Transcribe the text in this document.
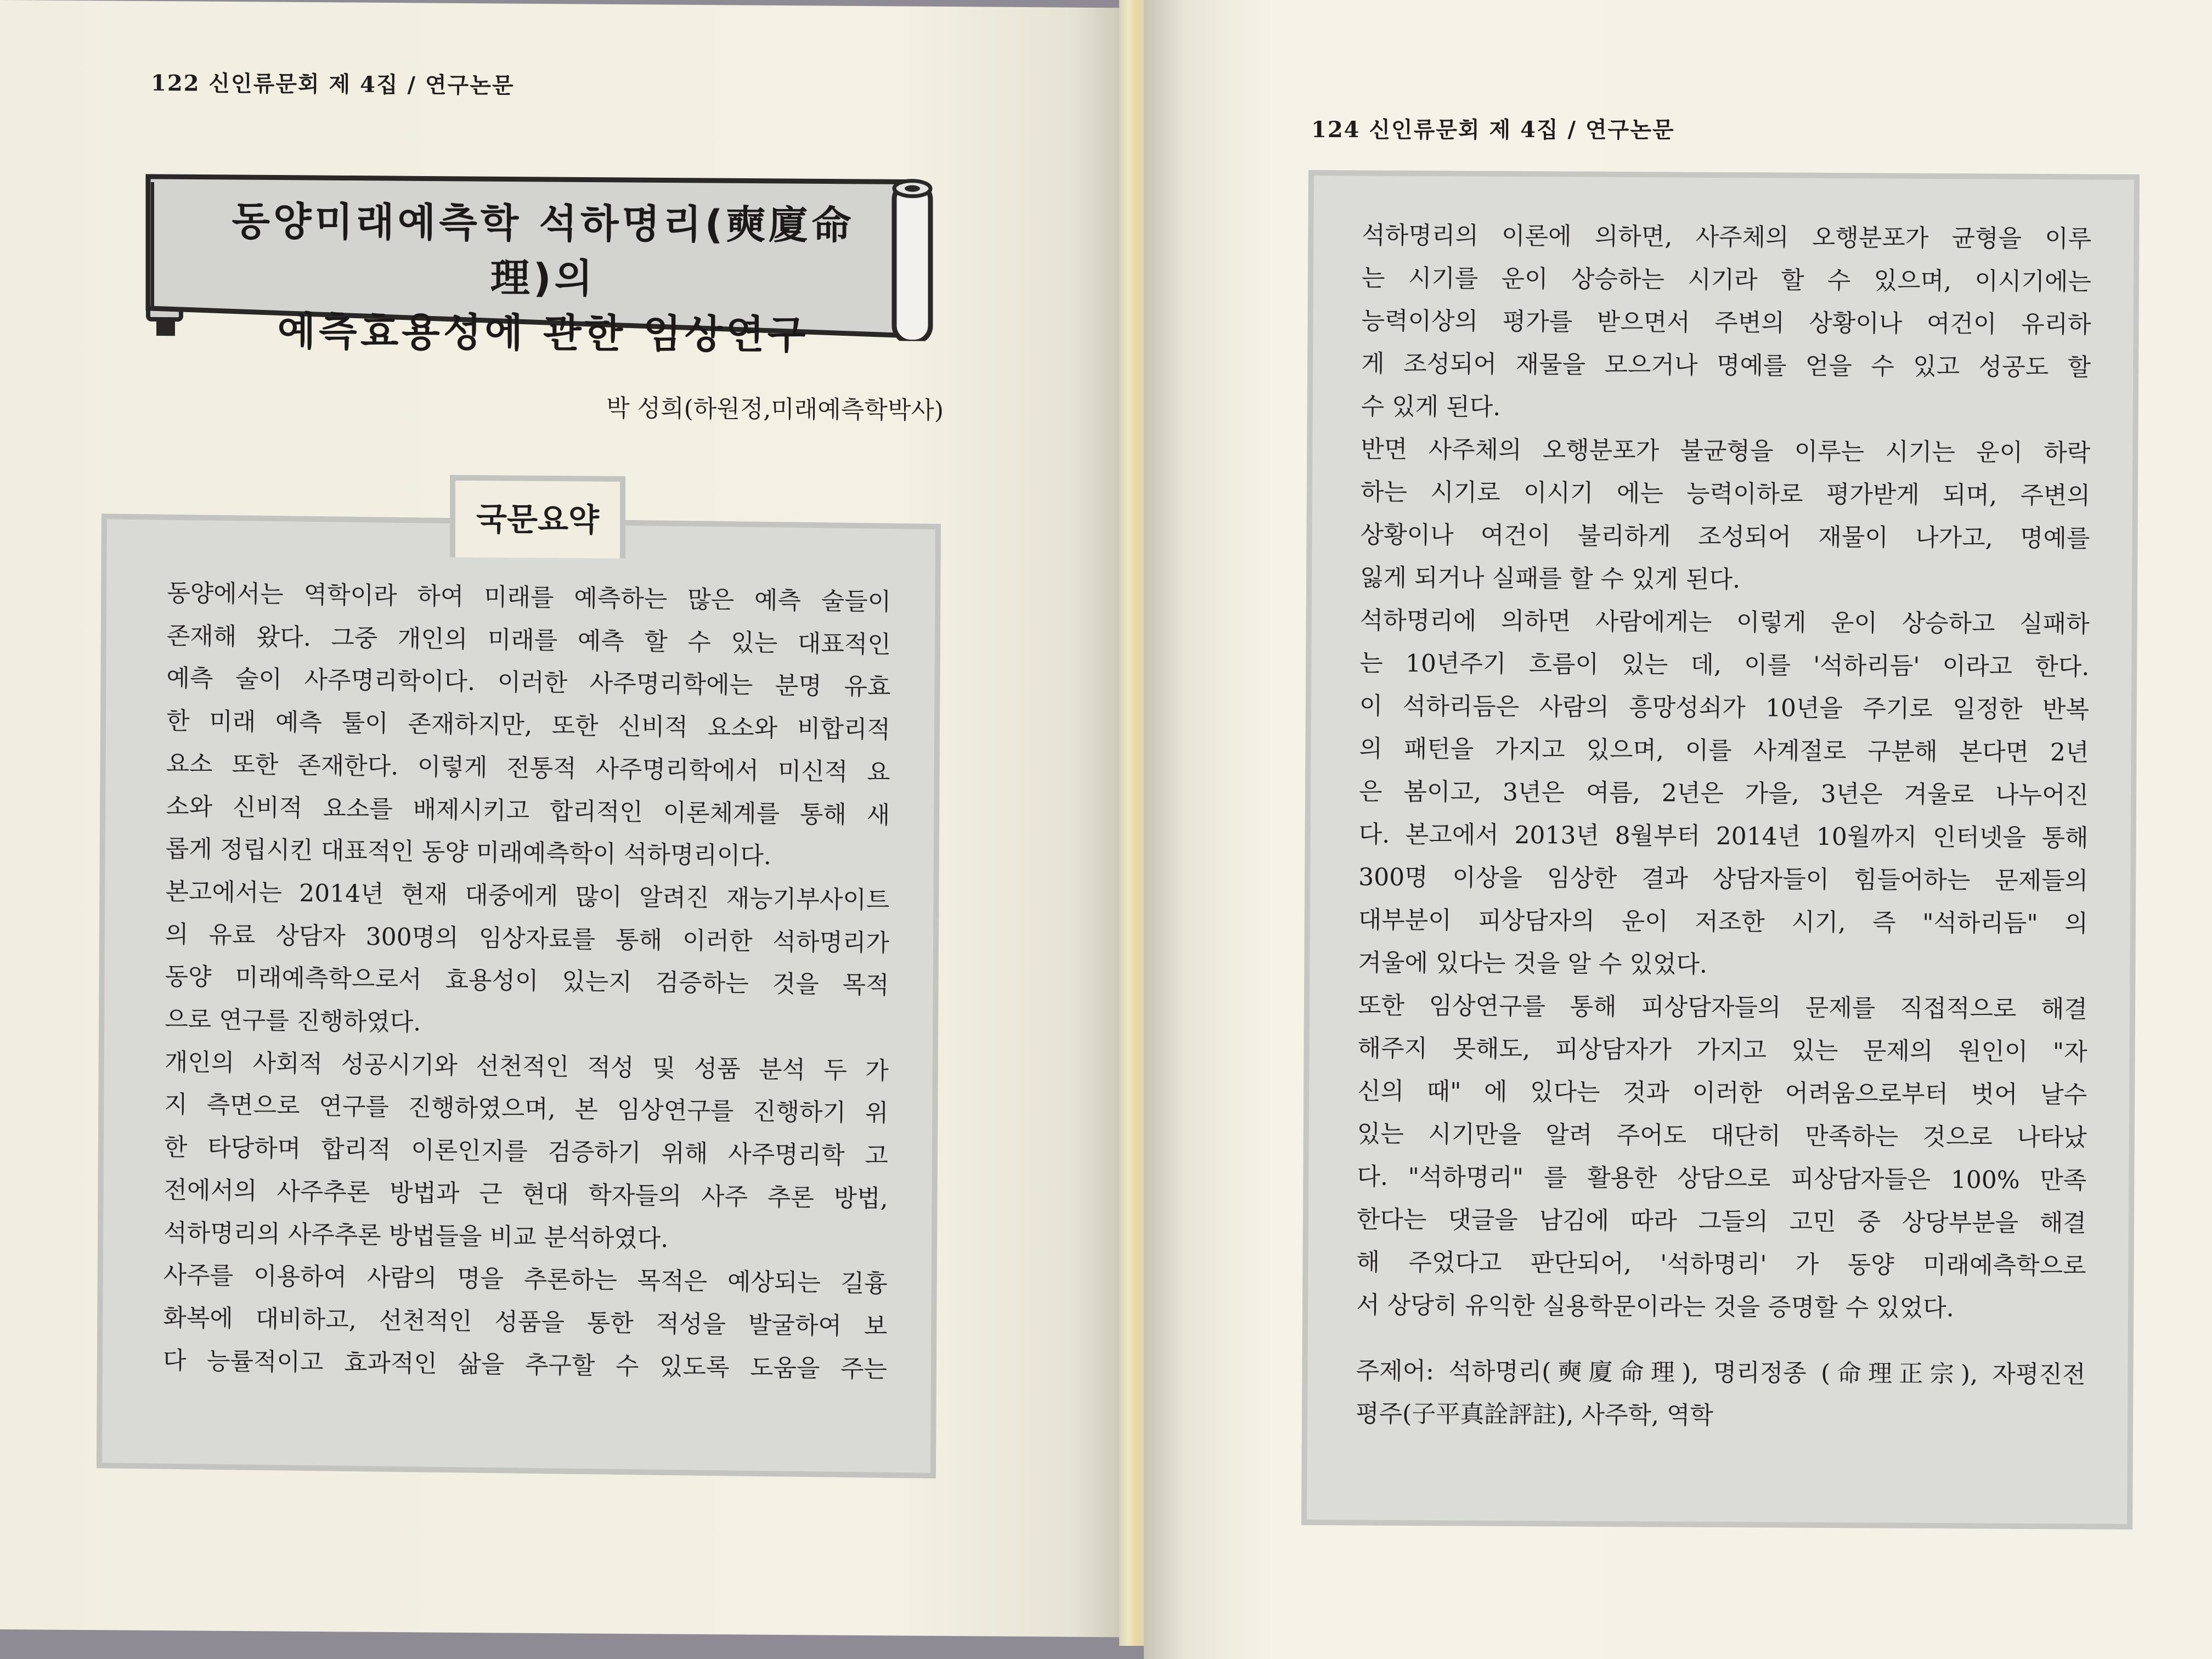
122 신인류문회 제 4집 / 연구논문
동양미래예측학 석하명리(奭廈命理)의
예측효용성에 관한 임상연구
박 성희(하원정,미래예측학박사)
동양에서는 역학이라 하여 미래를 예측하는 많은 예측 술들이
존재해 왔다. 그중 개인의 미래를 예측 할 수 있는 대표적인
예측 술이 사주명리학이다. 이러한 사주명리학에는 분명 유효
한 미래 예측 툴이 존재하지만, 또한 신비적 요소와 비합리적
요소 또한 존재한다. 이렇게 전통적 사주명리학에서 미신적 요
소와 신비적 요소를 배제시키고 합리적인 이론체계를 통해 새
롭게 정립시킨 대표적인 동양 미래예측학이 석하명리이다.
본고에서는 2014년 현재 대중에게 많이 알려진 재능기부사이트
의 유료 상담자 300명의 임상자료를 통해 이러한 석하명리가
동양 미래예측학으로서 효용성이 있는지 검증하는 것을 목적
으로 연구를 진행하였다.
개인의 사회적 성공시기와 선천적인 적성 및 성품 분석 두 가
지 측면으로 연구를 진행하였으며, 본 임상연구를 진행하기 위
한 타당하며 합리적 이론인지를 검증하기 위해 사주명리학 고
전에서의 사주추론 방법과 근 현대 학자들의 사주 추론 방법,
석하명리의 사주추론 방법들을 비교 분석하였다.
사주를 이용하여 사람의 명을 추론하는 목적은 예상되는 길흉
화복에 대비하고, 선천적인 성품을 통한 적성을 발굴하여 보
다 능률적이고 효과적인 삶을 추구할 수 있도록 도움을 주는
국문요약
124 신인류문회 제 4집 / 연구논문
석하명리의 이론에 의하면, 사주체의 오행분포가 균형을 이루
는 시기를 운이 상승하는 시기라 할 수 있으며, 이시기에는
능력이상의 평가를 받으면서 주변의 상황이나 여건이 유리하
게 조성되어 재물을 모으거나 명예를 얻을 수 있고 성공도 할
수 있게 된다.
반면 사주체의 오행분포가 불균형을 이루는 시기는 운이 하락
하는 시기로 이시기 에는 능력이하로 평가받게 되며, 주변의
상황이나 여건이 불리하게 조성되어 재물이 나가고, 명예를
잃게 되거나 실패를 할 수 있게 된다.
석하명리에 의하면 사람에게는 이렇게 운이 상승하고 실패하
는 10년주기 흐름이 있는 데, 이를 '석하리듬' 이라고 한다.
이 석하리듬은 사람의 흥망성쇠가 10년을 주기로 일정한 반복
의 패턴을 가지고 있으며, 이를 사계절로 구분해 본다면 2년
은 봄이고, 3년은 여름, 2년은 가을, 3년은 겨울로 나누어진
다. 본고에서 2013년 8월부터 2014년 10월까지 인터넷을 통해
300명 이상을 임상한 결과 상담자들이 힘들어하는 문제들의
대부분이 피상담자의 운이 저조한 시기, 즉 "석하리듬" 의
겨울에 있다는 것을 알 수 있었다.
또한 임상연구를 통해 피상담자들의 문제를 직접적으로 해결
해주지 못해도, 피상담자가 가지고 있는 문제의 원인이 "자
신의 때" 에 있다는 것과 이러한 어려움으로부터 벗어 날수
있는 시기만을 알려 주어도 대단히 만족하는 것으로 나타났
다. "석하명리" 를 활용한 상담으로 피상담자들은 100% 만족
한다는 댓글을 남김에 따라 그들의 고민 중 상당부분을 해결
해 주었다고 판단되어, '석하명리' 가 동양 미래예측학으로
서 상당히 유익한 실용학문이라는 것을 증명할 수 있었다.
주제어: 석하명리(奭廈命理), 명리정종 (命理正宗), 자평진전
평주(子平真詮評註), 사주학, 역학
